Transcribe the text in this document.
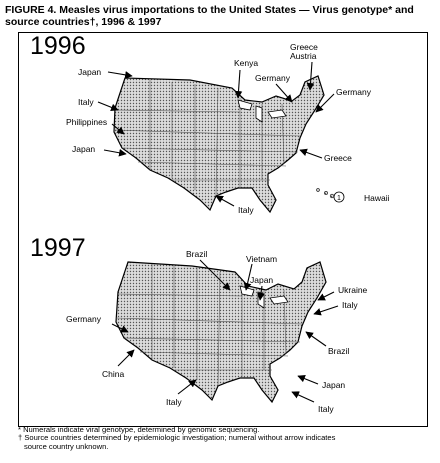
FIGURE 4. Measles virus importations to the United States — Virus genotype* and
source countries†, 1996 & 1997
1
1996
1997
Japan
Italy
Philippines
Japan
Kenya
Germany
Greece
Austria
Germany
Greece
Italy
Hawaii
Brazil	Vietnam
Japan
Ukraine
Italy
Germany
Brazil
China
Japan
Italy
Italy
* Numerals indicate viral genotype, determined by genomic sequencing.
† Source countries determined by epidemiologic investigation; numeral without arrow indicates
source country unknown.
